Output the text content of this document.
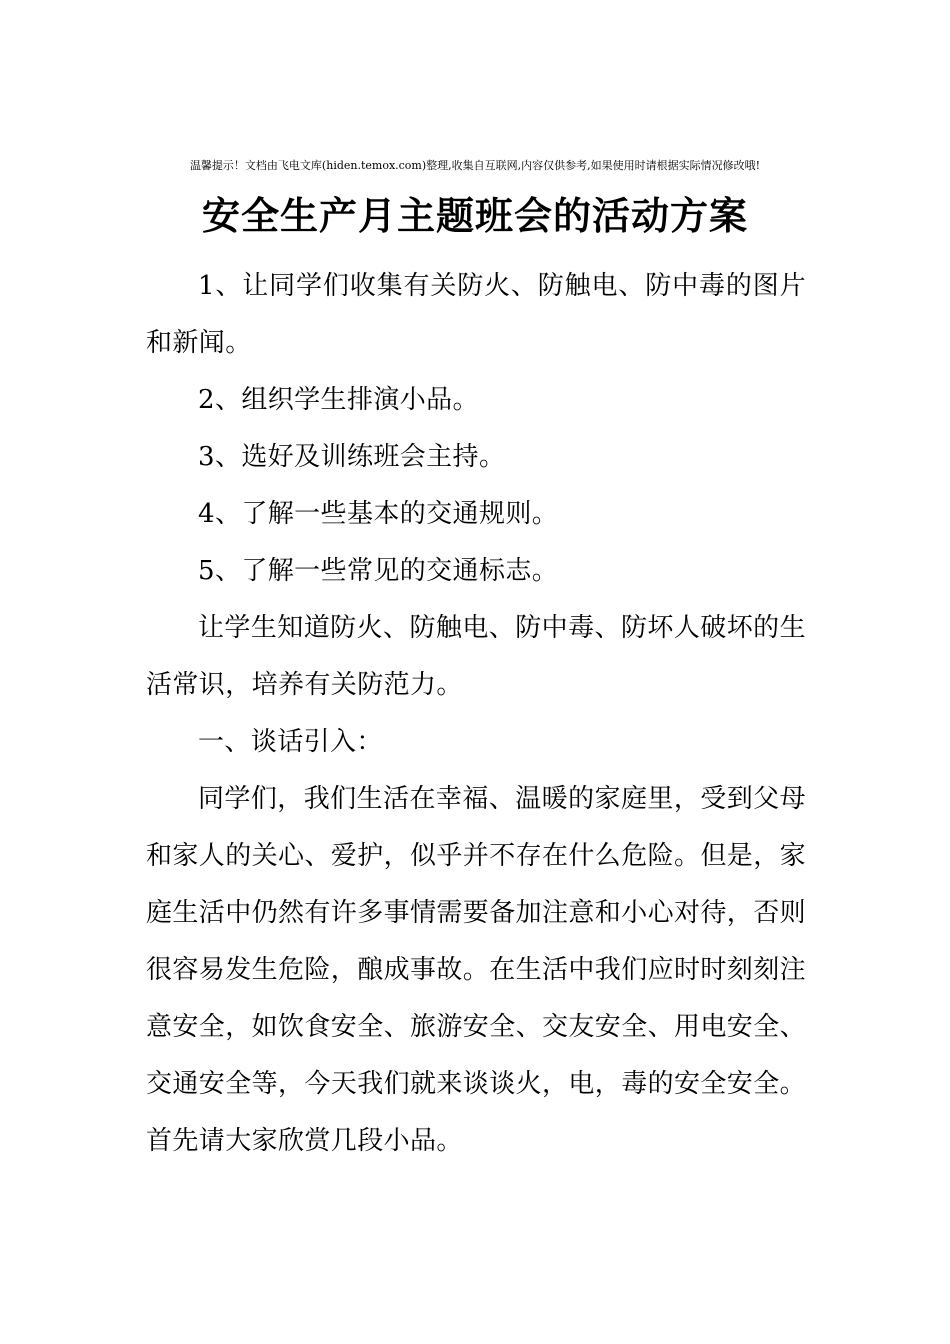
温馨提示！文档由飞电文库(hiden.temox.com)整理,收集自互联网,内容仅供参考,如果使用时请根据实际情况修改哦!
安全生产月主题班会的活动方案

1、让同学们收集有关防火、防触电、防中毒的图片和新闻。

2、组织学生排演小品。

3、选好及训练班会主持。

4、了解一些基本的交通规则。

5、了解一些常见的交通标志。

让学生知道防火、防触电、防中毒、防坏人破坏的生活常识，培养有关防范力。

一、谈话引入：

同学们，我们生活在幸福、温暖的家庭里，受到父母和家人的关心、爱护，似乎并不存在什么危险。但是，家庭生活中仍然有许多事情需要备加注意和小心对待，否则很容易发生危险，酿成事故。在生活中我们应时时刻刻注意安全，如饮食安全、旅游安全、交友安全、用电安全、交通安全等，今天我们就来谈谈火，电，毒的安全安全。首先请大家欣赏几段小品。
